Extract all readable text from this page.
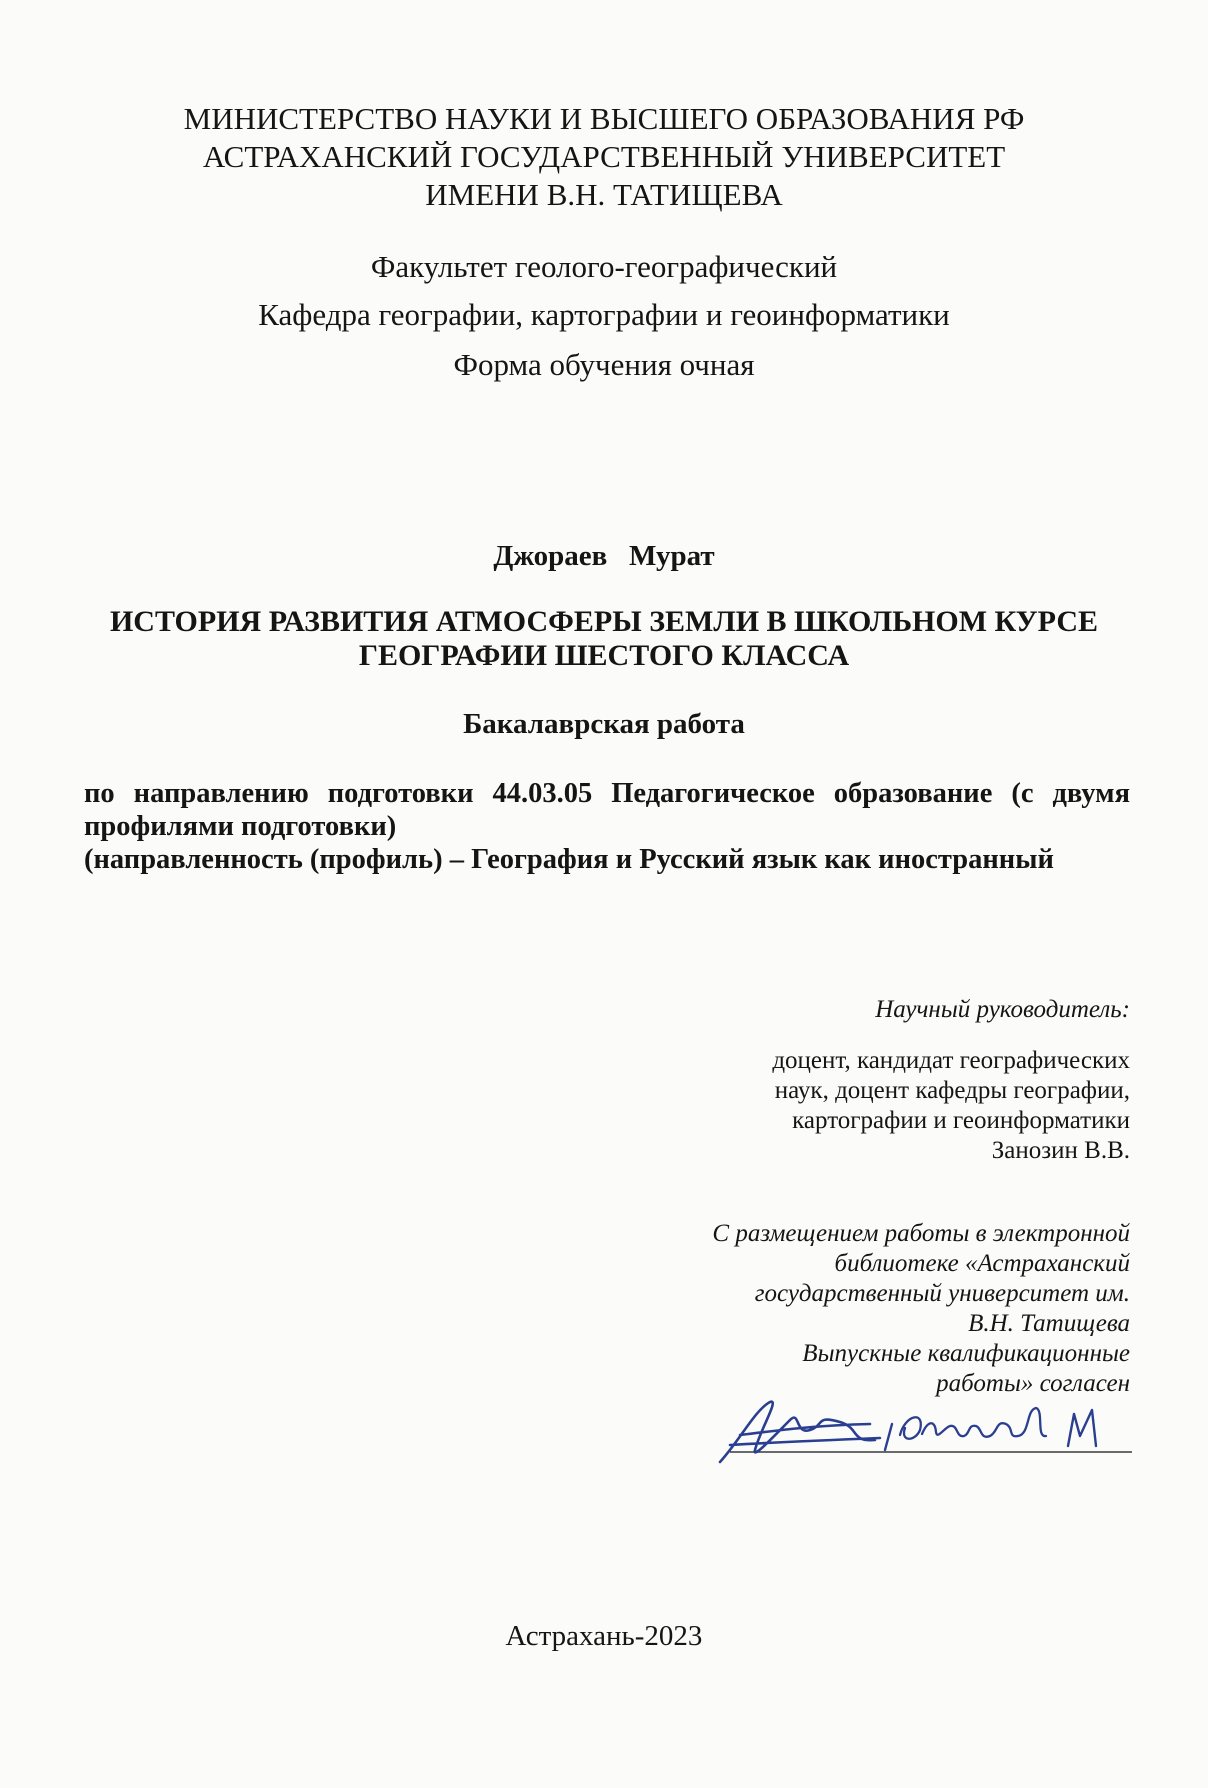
МИНИСТЕРСТВО НАУКИ И ВЫСШЕГО ОБРАЗОВАНИЯ РФ
АСТРАХАНСКИЙ ГОСУДАРСТВЕННЫЙ УНИВЕРСИТЕТ
ИМЕНИ В.Н. ТАТИЩЕВА
Факультет геолого-географический
Кафедра географии, картографии и геоинформатики
Форма обучения очная
Джораев   Мурат
ИСТОРИЯ РАЗВИТИЯ АТМОСФЕРЫ ЗЕМЛИ В ШКОЛЬНОМ КУРСЕ
ГЕОГРАФИИ ШЕСТОГО КЛАССА
Бакалаврская работа
по направлению подготовки 44.03.05 Педагогическое образование (с двумя
профилями подготовки)
(направленность (профиль) – География и Русский язык как иностранный
Научный руководитель:
доцент, кандидат географических
наук, доцент кафедры географии,
картографии и геоинформатики
Занозин В.В.
С размещением работы в электронной
библиотеке «Астраханский
государственный университет им.
В.Н. Татищева
Выпускные квалификационные
работы» согласен
Астрахань-2023
